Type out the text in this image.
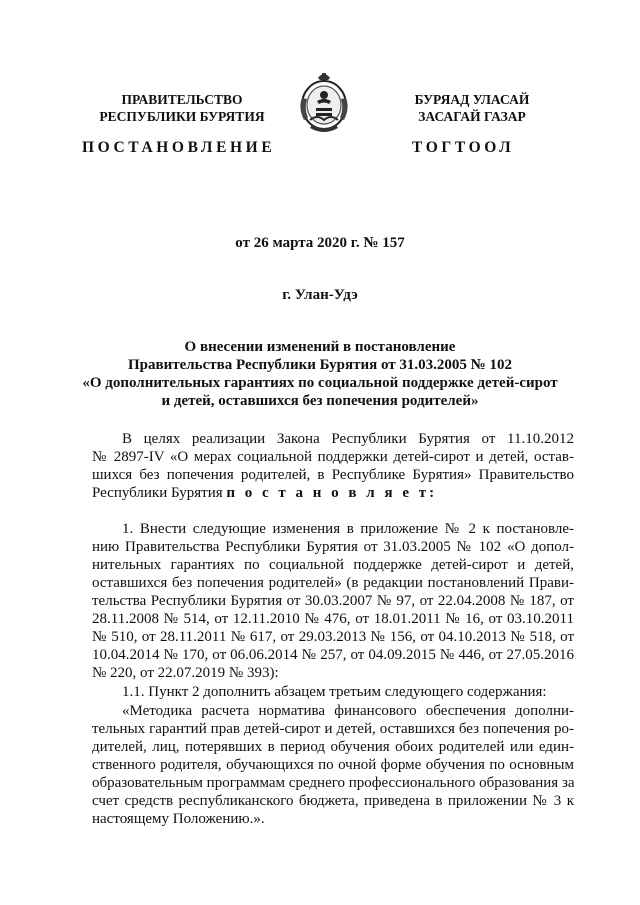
ПРАВИТЕЛЬСТВО
РЕСПУБЛИКИ БУРЯТИЯ
БУРЯАД УЛАСАЙ
ЗАСАГАЙ ГАЗАР
ПОСТАНОВЛЕНИЕ	ТОГТООЛ
от 26 марта 2020 г. № 157
г. Улан-Удэ
О внесении изменений в постановление
Правительства Республики Бурятия от 31.03.2005 № 102
«О дополнительных гарантиях по социальной поддержке детей-сирот
и детей, оставшихся без попечения родителей»
В целях реализации Закона Республики Бурятия от 11.10.2012
№ 2897-IV «О мерах социальной поддержки детей-сирот и детей, остав-
шихся без попечения родителей, в Республике Бурятия» Правительство
Республики Бурятия п о с т а н о в л я е т:
1. Внести следующие изменения в приложение № 2 к постановле-
нию Правительства Республики Бурятия от 31.03.2005 № 102 «О допол-
нительных гарантиях по социальной поддержке детей-сирот и детей,
оставшихся без попечения родителей» (в редакции постановлений Прави-
тельства Республики Бурятия от 30.03.2007 № 97, от 22.04.2008 № 187, от
28.11.2008 № 514, от 12.11.2010 № 476, от 18.01.2011 № 16, от 03.10.2011
№ 510, от 28.11.2011 № 617, от 29.03.2013 № 156, от 04.10.2013 № 518, от
10.04.2014 № 170, от 06.06.2014 № 257, от 04.09.2015 № 446, от 27.05.2016
№ 220, от 22.07.2019 № 393):
1.1. Пункт 2 дополнить абзацем третьим следующего содержания:
«Методика расчета норматива финансового обеспечения дополни-
тельных гарантий прав детей-сирот и детей, оставшихся без попечения ро-
дителей, лиц, потерявших в период обучения обоих родителей или един-
ственного родителя, обучающихся по очной форме обучения по основным
образовательным программам среднего профессионального образования за
счет средств республиканского бюджета, приведена в приложении № 3 к
настоящему Положению.».
